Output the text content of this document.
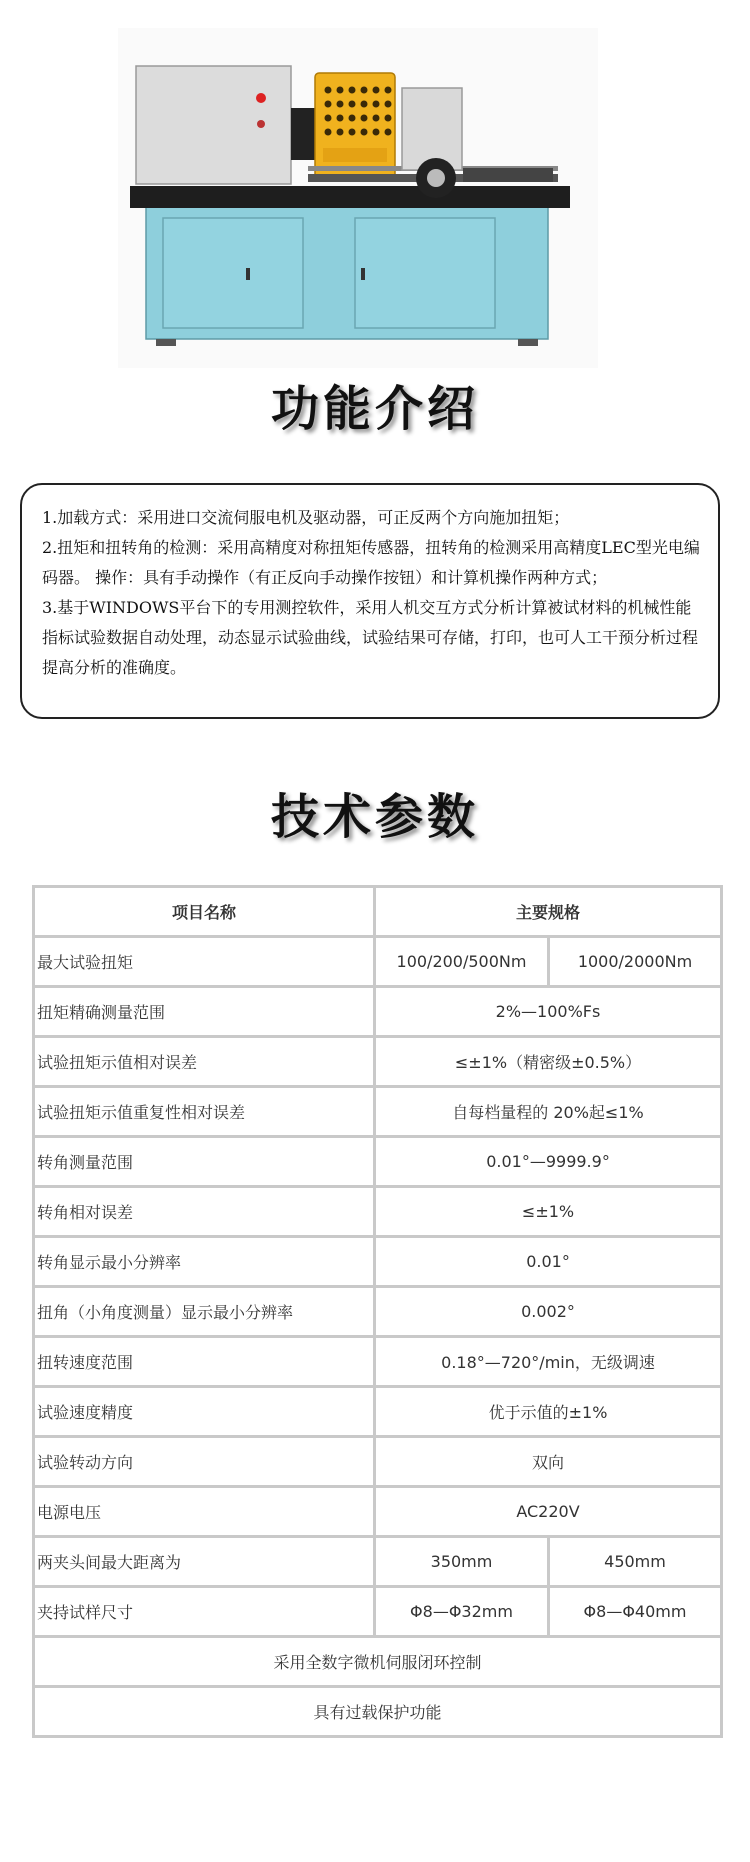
功能介绍

1.加载方式：采用进口交流伺服电机及驱动器，可正反两个方向施加扭矩；

2.扭矩和扭转角的检测：采用高精度对称扭矩传感器，扭转角的检测采用高精度LEC型光电编码器。 操作：具有手动操作（有正反向手动操作按钮）和计算机操作两种方式；

3.基于WINDOWS平台下的专用测控软件，采用人机交互方式分析计算被试材料的机械性能指标试验数据自动处理，动态显示试验曲线，试验结果可存储，打印，也可人工干预分析过程提高分析的准确度。

技术参数
项目名称	主要规格	
最大试验扭矩	100/200/500Nm	1000/2000Nm
扭矩精确测量范围	2%—100%Fs	
试验扭矩示值相对误差	≤±1%（精密级±0.5%）	
试验扭矩示值重复性相对误差	自每档量程的 20%起≤1%	
转角测量范围	0.01°—9999.9°	
转角相对误差	≤±1%	
转角显示最小分辨率	0.01°	
扭角（小角度测量）显示最小分辨率	0.002°	
扭转速度范围	0.18°—720°/min，无级调速	
试验速度精度	优于示值的±1%	
试验转动方向	双向	
电源电压	AC220V	
两夹头间最大距离为	350mm	450mm
夹持试样尺寸	Φ8—Φ32mm	Φ8—Φ40mm
采用全数字微机伺服闭环控制		
具有过载保护功能		
